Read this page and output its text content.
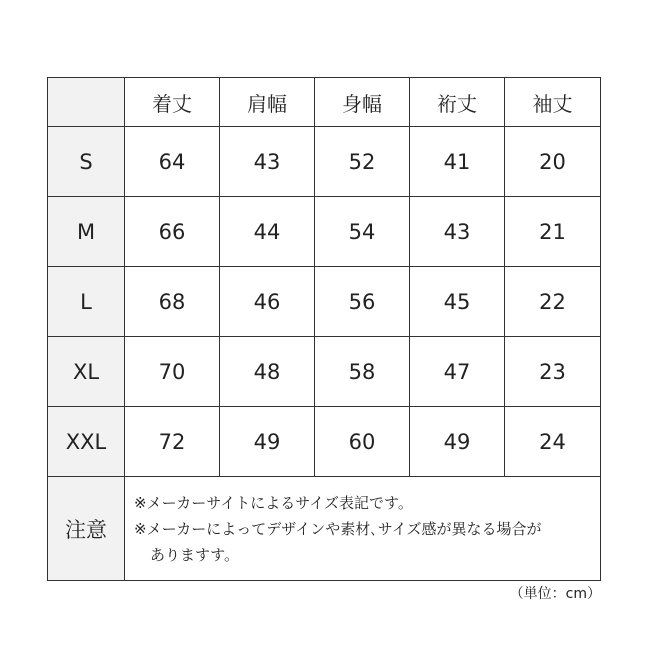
	着丈	肩幅	身幅	裄丈	袖丈
S	64	43	52	41	20
M	66	44	54	43	21
L	68	46	56	45	22
XL	70	48	58	47	23
XXL	72	49	60	49	24
注意	※メーカーサイトによるサイズ表記です。
※メーカーによってデザインや素材､サイズ感が異なる場合が
ありますす。				
（単位：cm）
